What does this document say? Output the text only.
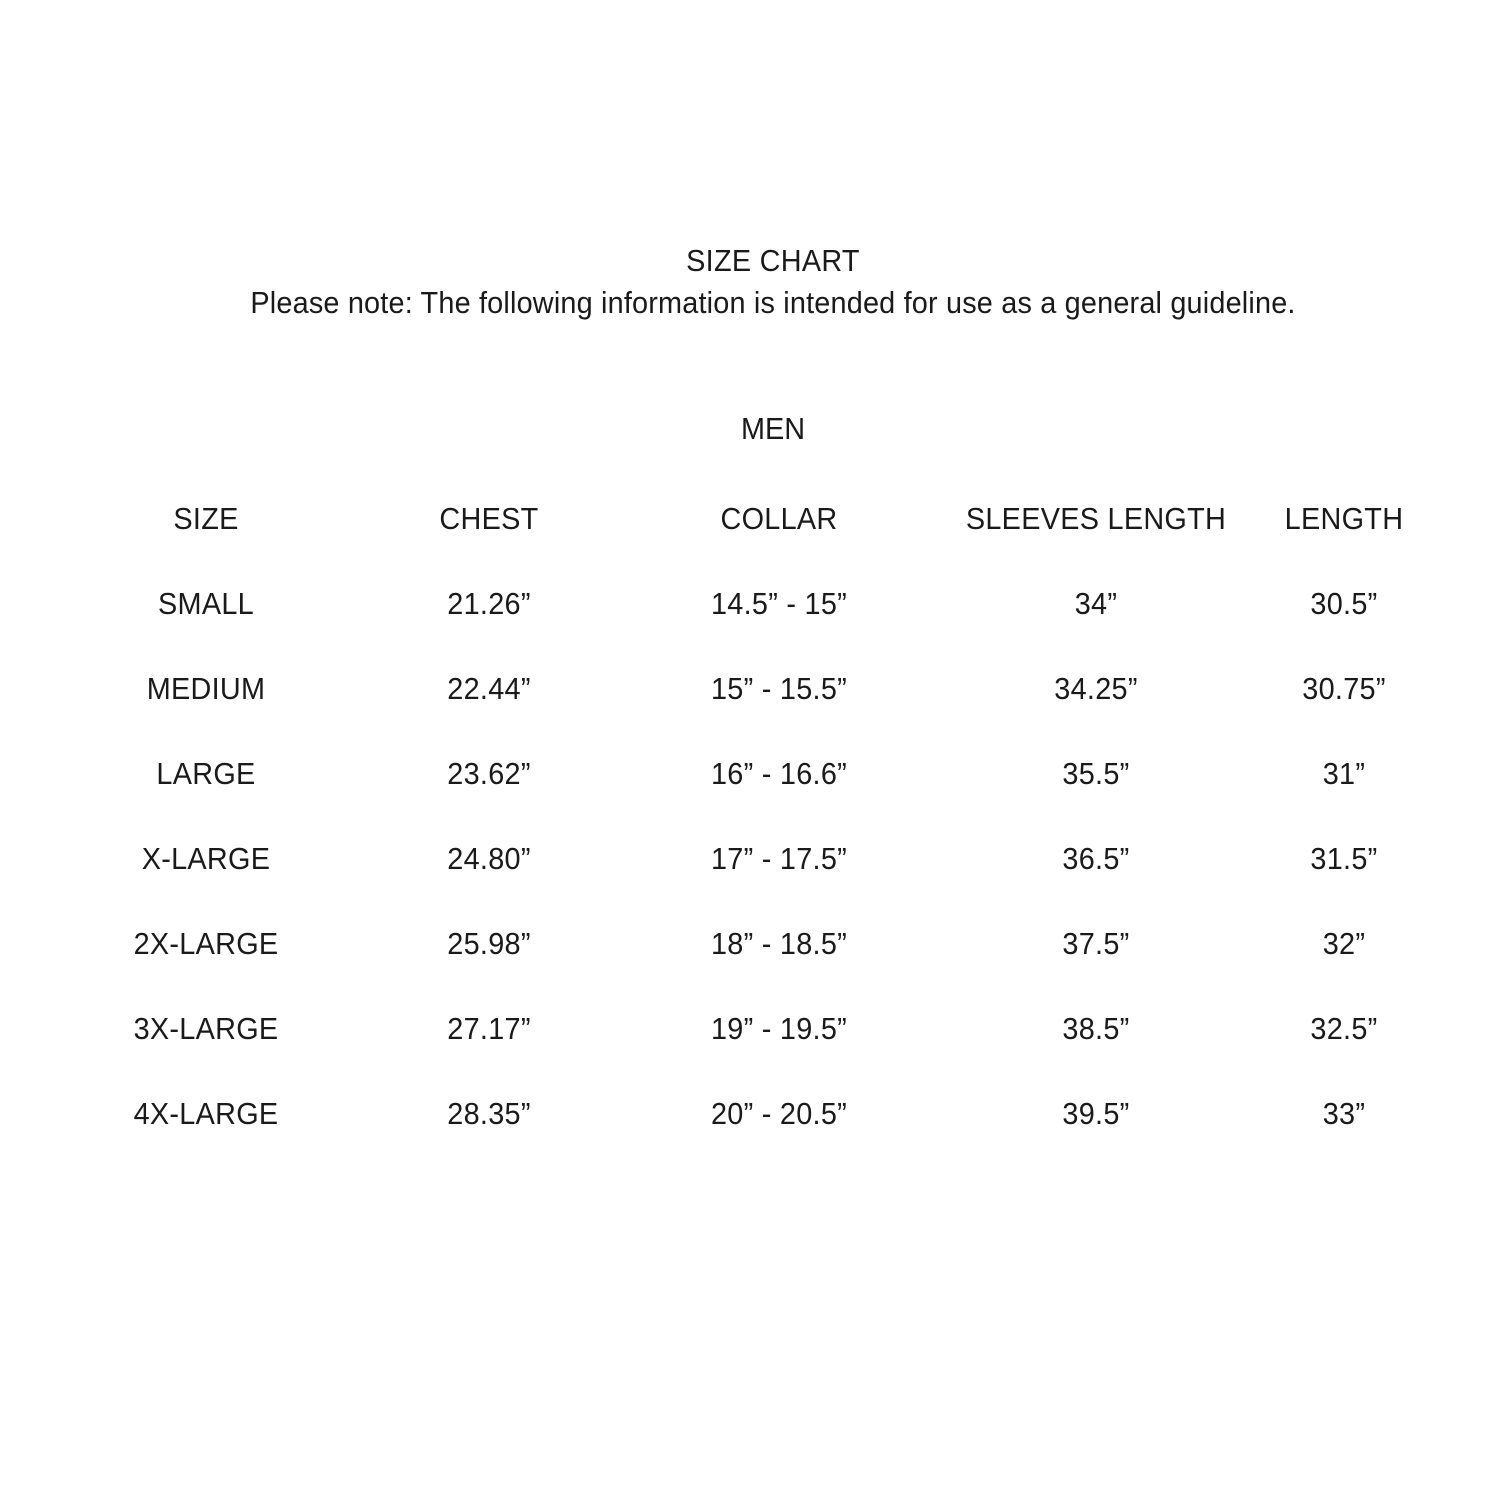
SIZE CHART
Please note: The following information is intended for use as a general guideline.
MEN
SIZE	CHEST	COLLAR	SLEEVES LENGTH	LENGTH
SMALL	21.26”	14.5” - 15”	34”	30.5”
MEDIUM	22.44”	15” - 15.5”	34.25”	30.75”
LARGE	23.62”	16” - 16.6”	35.5”	31”
X-LARGE	24.80”	17” - 17.5”	36.5”	31.5”
2X-LARGE	25.98”	18” - 18.5”	37.5”	32”
3X-LARGE	27.17”	19” - 19.5”	38.5”	32.5”
4X-LARGE	28.35”	20” - 20.5”	39.5”	33”
